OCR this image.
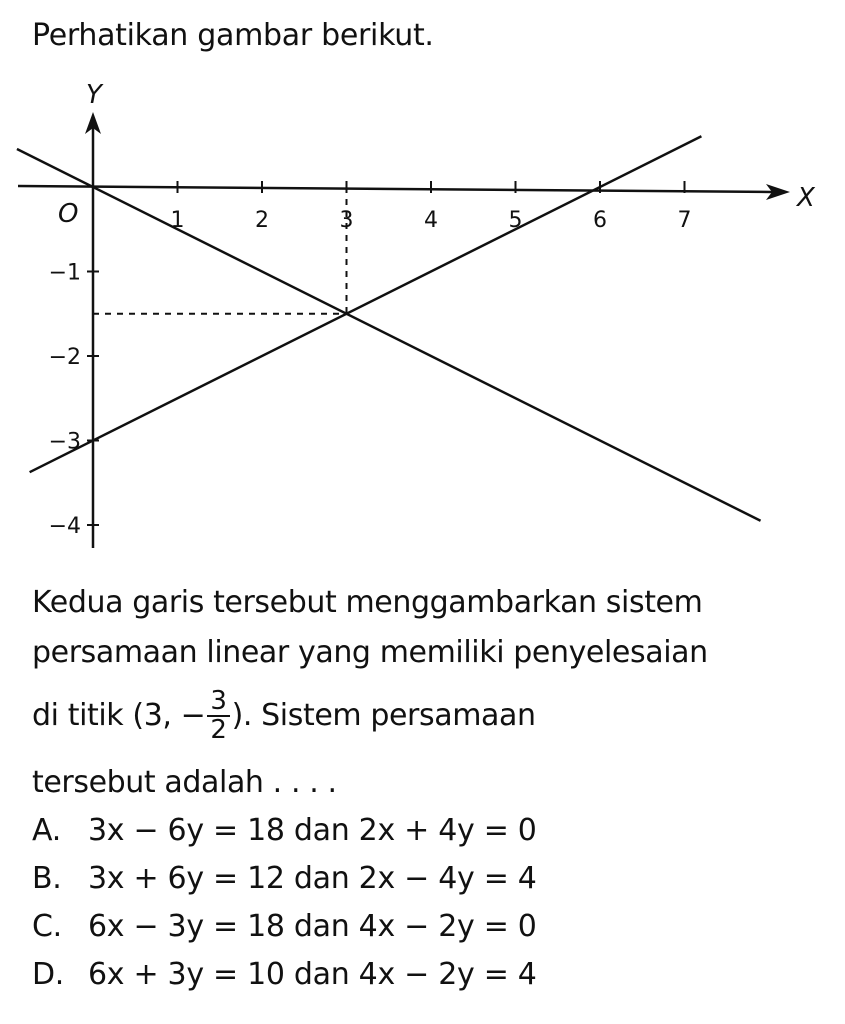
Perhatikan gambar berikut.
X
Y
O	1	2	3	4	5	6	7
−1
−2
−3
−4
Kedua garis tersebut menggambarkan sistem
persamaan linear yang memiliki penyelesaian
di titik (3, − $\frac{3}{2}$ ). Sistem persamaan
tersebut adalah . . . .
A. 3x − 6y = 18 dan 2x + 4y = 0
B. 3x + 6y = 12 dan 2x − 4y = 4
C. 6x − 3y = 18 dan 4x − 2y = 0
D. 6x + 3y = 10 dan 4x − 2y = 4
